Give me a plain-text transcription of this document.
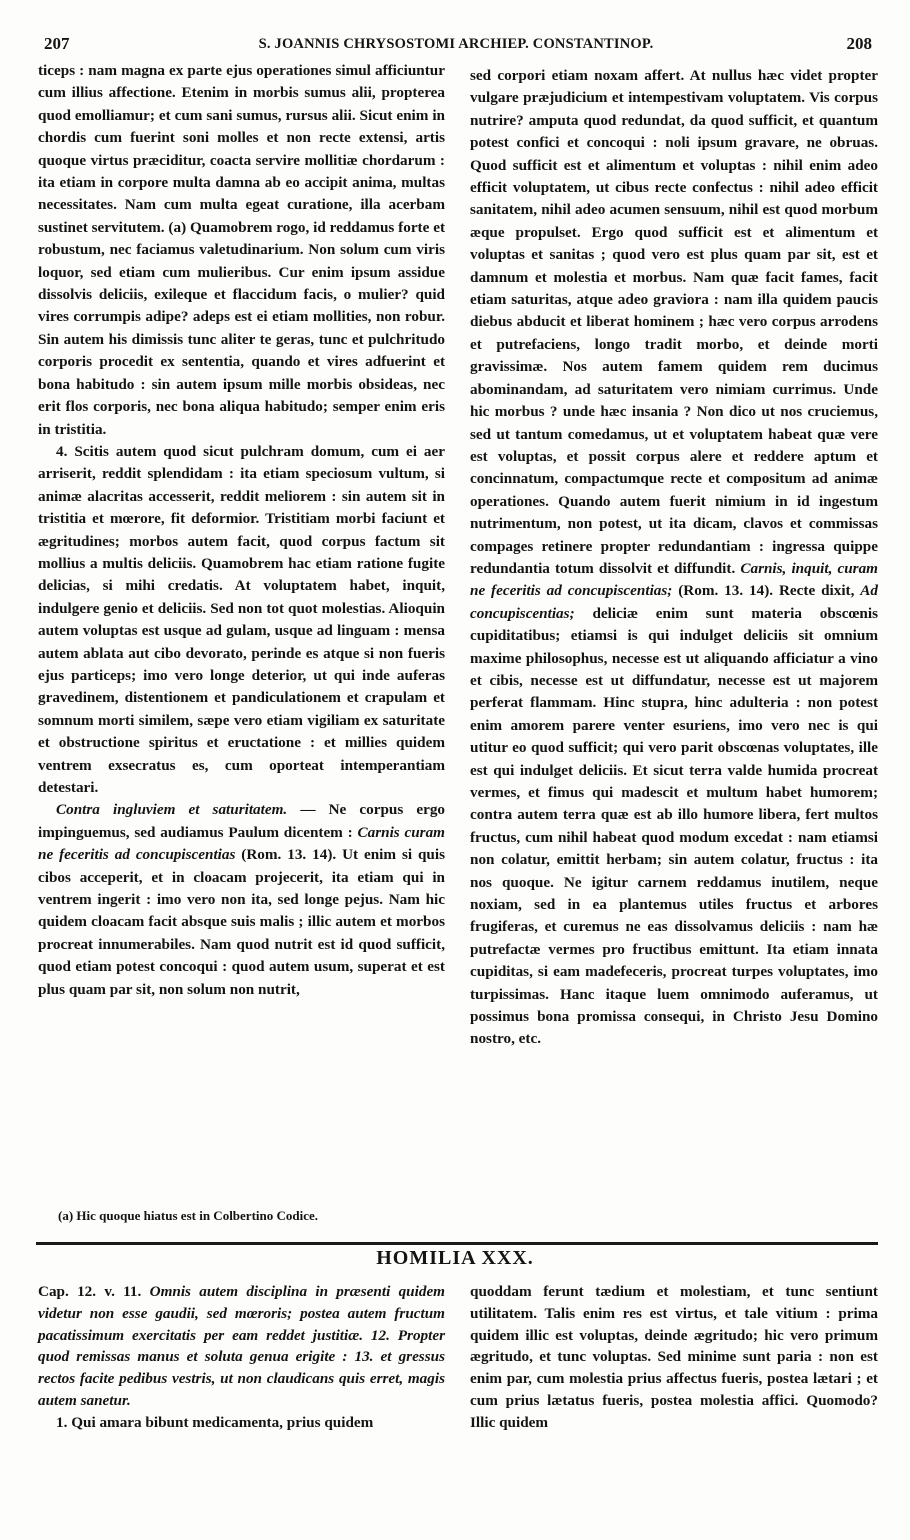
207	S. JOANNIS CHRYSOSTOMI ARCHIEP. CONSTANTINOP.	208

ticeps : nam magna ex parte ejus operationes simul afficiuntur cum illius affectione. Etenim in morbis sumus alii, propterea quod emolliamur; et cum sani sumus, rursus alii. Sicut enim in chordis cum fuerint soni molles et non recte extensi, artis quoque virtus præciditur, coacta servire mollitiæ chordarum : ita etiam in corpore multa damna ab eo accipit anima, multas necessitates. Nam cum multa egeat curatione, illa acerbam sustinet servitutem. (a) Quamobrem rogo, id reddamus forte et robustum, nec faciamus valetudinarium. Non solum cum viris loquor, sed etiam cum mulieribus. Cur enim ipsum assidue dissolvis deliciis, exileque et flaccidum facis, o mulier? quid vires corrumpis adipe? adeps est ei etiam mollities, non robur. Sin autem his dimissis tunc aliter te geras, tunc et pulchritudo corporis procedit ex sententia, quando et vires adfuerint et bona habitudo : sin autem ipsum mille morbis obsideas, nec erit flos corporis, nec bona aliqua habitudo; semper enim eris in tristitia.

4. Scitis autem quod sicut pulchram domum, cum ei aer arriserit, reddit splendidam : ita etiam speciosum vultum, si animæ alacritas accesserit, reddit meliorem : sin autem sit in tristitia et mœrore, fit deformior. Tristitiam morbi faciunt et ægritudines; morbos autem facit, quod corpus factum sit mollius a multis deliciis. Quamobrem hac etiam ratione fugite delicias, si mihi credatis. At voluptatem habet, inquit, indulgere genio et deliciis. Sed non tot quot molestias. Alioquin autem voluptas est usque ad gulam, usque ad linguam : mensa autem ablata aut cibo devorato, perinde es atque si non fueris ejus particeps; imo vero longe deterior, ut qui inde auferas gravedinem, distentionem et pandiculationem et crapulam et somnum morti similem, sæpe vero etiam vigiliam ex saturitate et obstructione spiritus et eructatione : et millies quidem ventrem exsecratus es, cum oporteat intemperantiam detestari.

Contra ingluviem et saturitatem. — Ne corpus ergo impinguemus, sed audiamus Paulum dicentem : Carnis curam ne feceritis ad concupiscentias (Rom. 13. 14). Ut enim si quis cibos acceperit, et in cloacam projecerit, ita etiam qui in ventrem ingerit : imo vero non ita, sed longe pejus. Nam hic quidem cloacam facit absque suis malis ; illic autem et morbos procreat innumerabiles. Nam quod nutrit est id quod sufficit, quod etiam potest concoqui : quod autem usum, superat et est plus quam par sit, non solum non nutrit,

(a) Hic quoque hiatus est in Colbertino Codice.

sed corpori etiam noxam affert. At nullus hæc videt propter vulgare præjudicium et intempestivam voluptatem. Vis corpus nutrire? amputa quod redundat, da quod sufficit, et quantum potest confici et concoqui : noli ipsum gravare, ne obruas. Quod sufficit est et alimentum et voluptas : nihil enim adeo efficit voluptatem, ut cibus recte confectus : nihil adeo efficit sanitatem, nihil adeo acumen sensuum, nihil est quod morbum æque propulset. Ergo quod sufficit est et alimentum et voluptas et sanitas ; quod vero est plus quam par sit, est et damnum et molestia et morbus. Nam quæ facit fames, facit etiam saturitas, atque adeo graviora : nam illa quidem paucis diebus abducit et liberat hominem ; hæc vero corpus arrodens et putrefaciens, longo tradit morbo, et deinde morti gravissimæ. Nos autem famem quidem rem ducimus abominandam, ad saturitatem vero nimiam currimus. Unde hic morbus ? unde hæc insania ? Non dico ut nos cruciemus, sed ut tantum comedamus, ut et voluptatem habeat quæ vere est voluptas, et possit corpus alere et reddere aptum et concinnatum, compactumque recte et compositum ad animæ operationes. Quando autem fuerit nimium in id ingestum nutrimentum, non potest, ut ita dicam, clavos et commissas compages retinere propter redundantiam : ingressa quippe redundantia totum dissolvit et diffundit. Carnis, inquit, curam ne feceritis ad concupiscentias; (Rom. 13. 14). Recte dixit, Ad concupiscentias; deliciæ enim sunt materia obscœnis cupiditatibus; etiamsi is qui indulget deliciis sit omnium maxime philosophus, necesse est ut aliquando afficiatur a vino et cibis, necesse est ut diffundatur, necesse est ut majorem perferat flammam. Hinc stupra, hinc adulteria : non potest enim amorem parere venter esuriens, imo vero nec is qui utitur eo quod sufficit; qui vero parit obscœnas voluptates, ille est qui indulget deliciis. Et sicut terra valde humida procreat vermes, et fimus qui madescit et multum habet humorem; contra autem terra quæ est ab illo humore libera, fert multos fructus, cum nihil habeat quod modum excedat : nam etiamsi non colatur, emittit herbam; sin autem colatur, fructus : ita nos quoque. Ne igitur carnem reddamus inutilem, neque noxiam, sed in ea plantemus utiles fructus et arbores frugiferas, et curemus ne eas dissolvamus deliciis : nam hæ putrefactæ vermes pro fructibus emittunt. Ita etiam innata cupiditas, si eam madefeceris, procreat turpes voluptates, imo turpissimas. Hanc itaque luem omnimodo auferamus, ut possimus bona promissa consequi, in Christo Jesu Domino nostro, etc.

HOMILIA XXX.

Cap. 12. v. 11. Omnis autem disciplina in præsenti quidem videtur non esse gaudii, sed mœroris; postea autem fructum pacatissimum exercitatis per eam reddet justitiæ. 12. Propter quod remissas manus et soluta genua erigite : 13. et gressus rectos facite pedibus vestris, ut non claudicans quis erret, magis autem sanetur.

1. Qui amara bibunt medicamenta, prius quidem

quoddam ferunt tædium et molestiam, et tunc sentiunt utilitatem. Talis enim res est virtus, et tale vitium : prima quidem illic est voluptas, deinde ægritudo; hic vero primum ægritudo, et tunc voluptas. Sed minime sunt paria : non est enim par, cum molestia prius affectus fueris, postea lætari ; et cum prius lætatus fueris, postea molestia affici. Quomodo? Illic quidem
